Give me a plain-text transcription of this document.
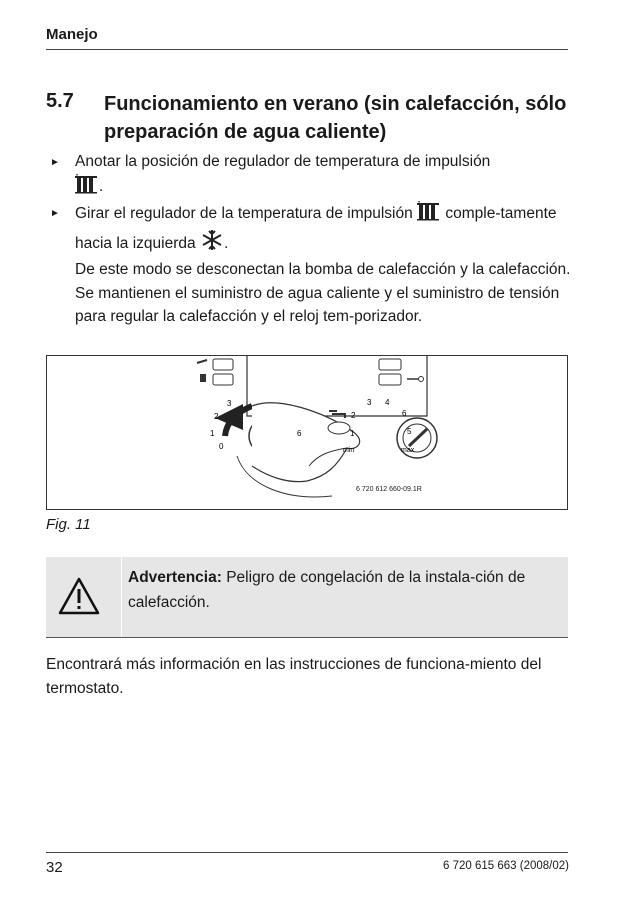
Manejo
5.7 Funcionamiento en verano (sin calefacción, sólo preparación de agua caliente)
► Anotar la posición de regulador de temperatura de impulsión
.
► Girar el regulador de la temperatura de impulsión comple-tamente hacia la izquierda .
De este modo se desconectan la bomba de calefacción y la calefacción. Se mantienen el suministro de agua caliente y el suministro de tensión para regular la calefacción y el reloj tem-porizador.
3
2
1
0
6
3 4
2	6
1	5
min	max
6 720 612 660-09.1R
Fig. 11
Advertencia: Peligro de congelación de la instala-ción de calefacción.
Encontrará más información en las instrucciones de funciona-miento del termostato.
32	6 720 615 663 (2008/02)
